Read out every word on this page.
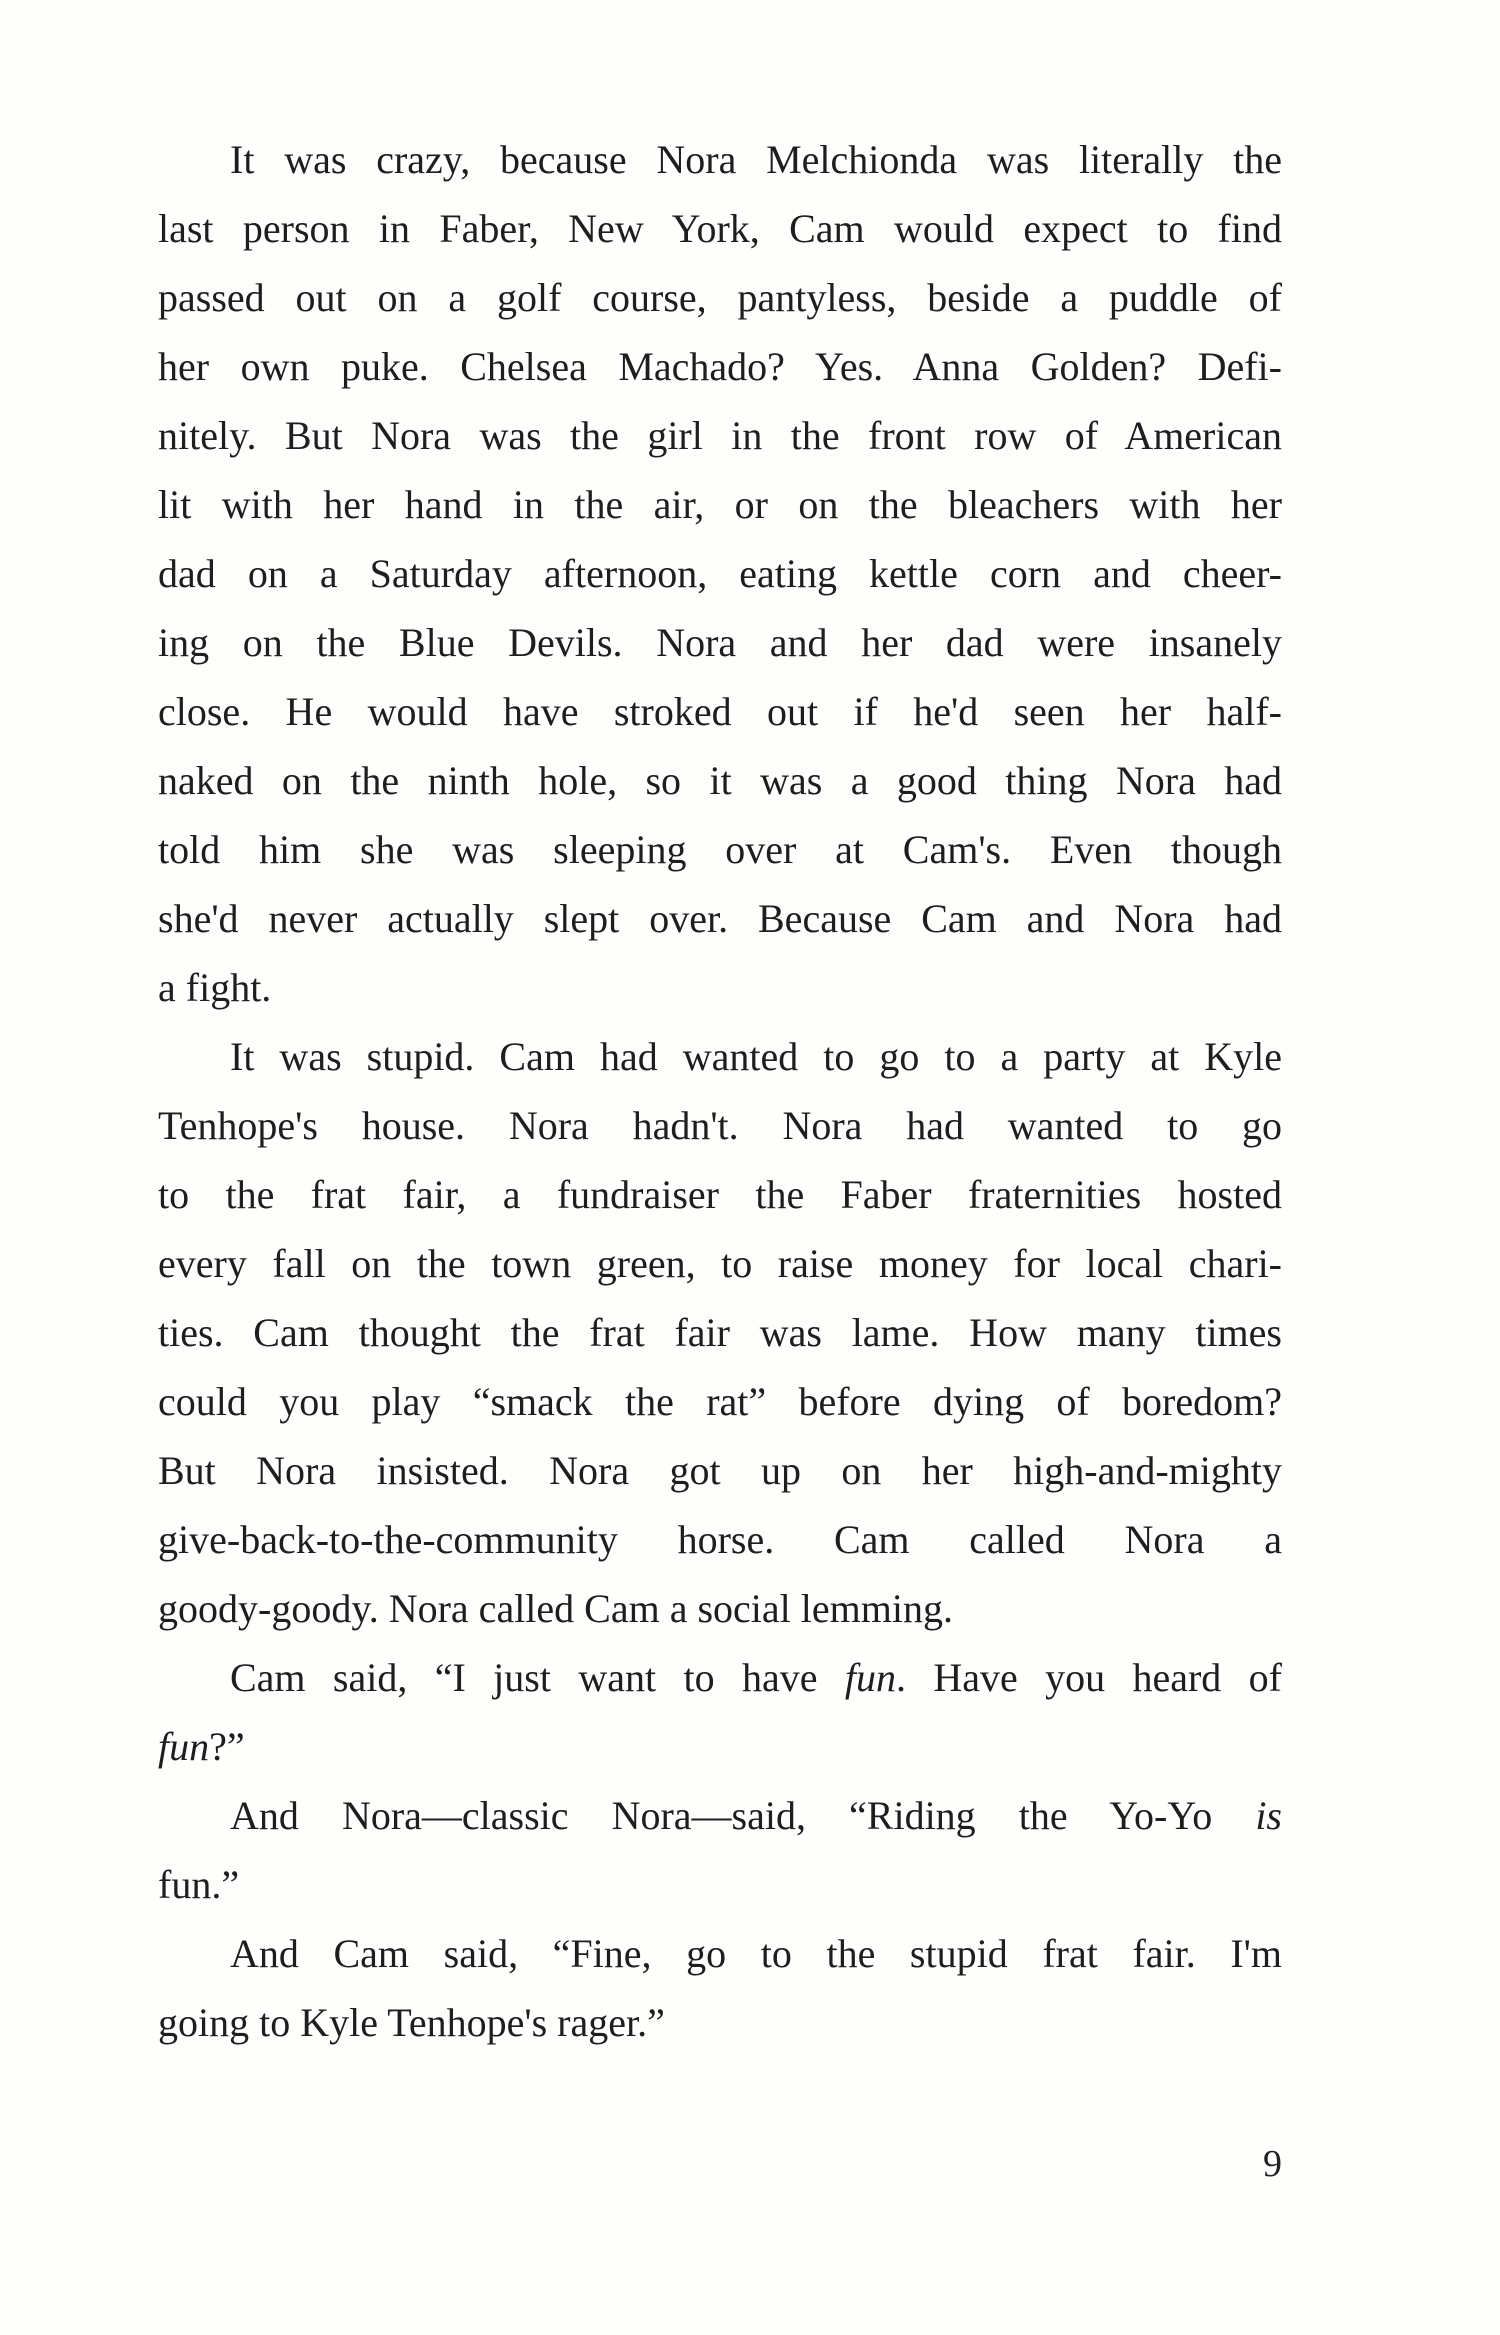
It was crazy, because Nora Melchionda was literally the
last person in Faber, New York, Cam would expect to find
passed out on a golf course, pantyless, beside a puddle of
her own puke. Chelsea Machado? Yes. Anna Golden? Defi-
nitely. But Nora was the girl in the front row of American
lit with her hand in the air, or on the bleachers with her
dad on a Saturday afternoon, eating kettle corn and cheer-
ing on the Blue Devils. Nora and her dad were insanely
close. He would have stroked out if he'd seen her half-
naked on the ninth hole, so it was a good thing Nora had
told him she was sleeping over at Cam's. Even though
she'd never actually slept over. Because Cam and Nora had
a fight.
It was stupid. Cam had wanted to go to a party at Kyle
Tenhope's house. Nora hadn't. Nora had wanted to go
to the frat fair, a fundraiser the Faber fraternities hosted
every fall on the town green, to raise money for local chari-
ties. Cam thought the frat fair was lame. How many times
could you play “smack the rat” before dying of boredom?
But Nora insisted. Nora got up on her high-and-mighty
give-back-to-the-community horse. Cam called Nora a
goody-goody. Nora called Cam a social lemming.
Cam said, “I just want to have fun. Have you heard of
fun?”
And Nora—classic Nora—said, “Riding the Yo-Yo is
fun.”
And Cam said, “Fine, go to the stupid frat fair. I'm
going to Kyle Tenhope's rager.”
9
